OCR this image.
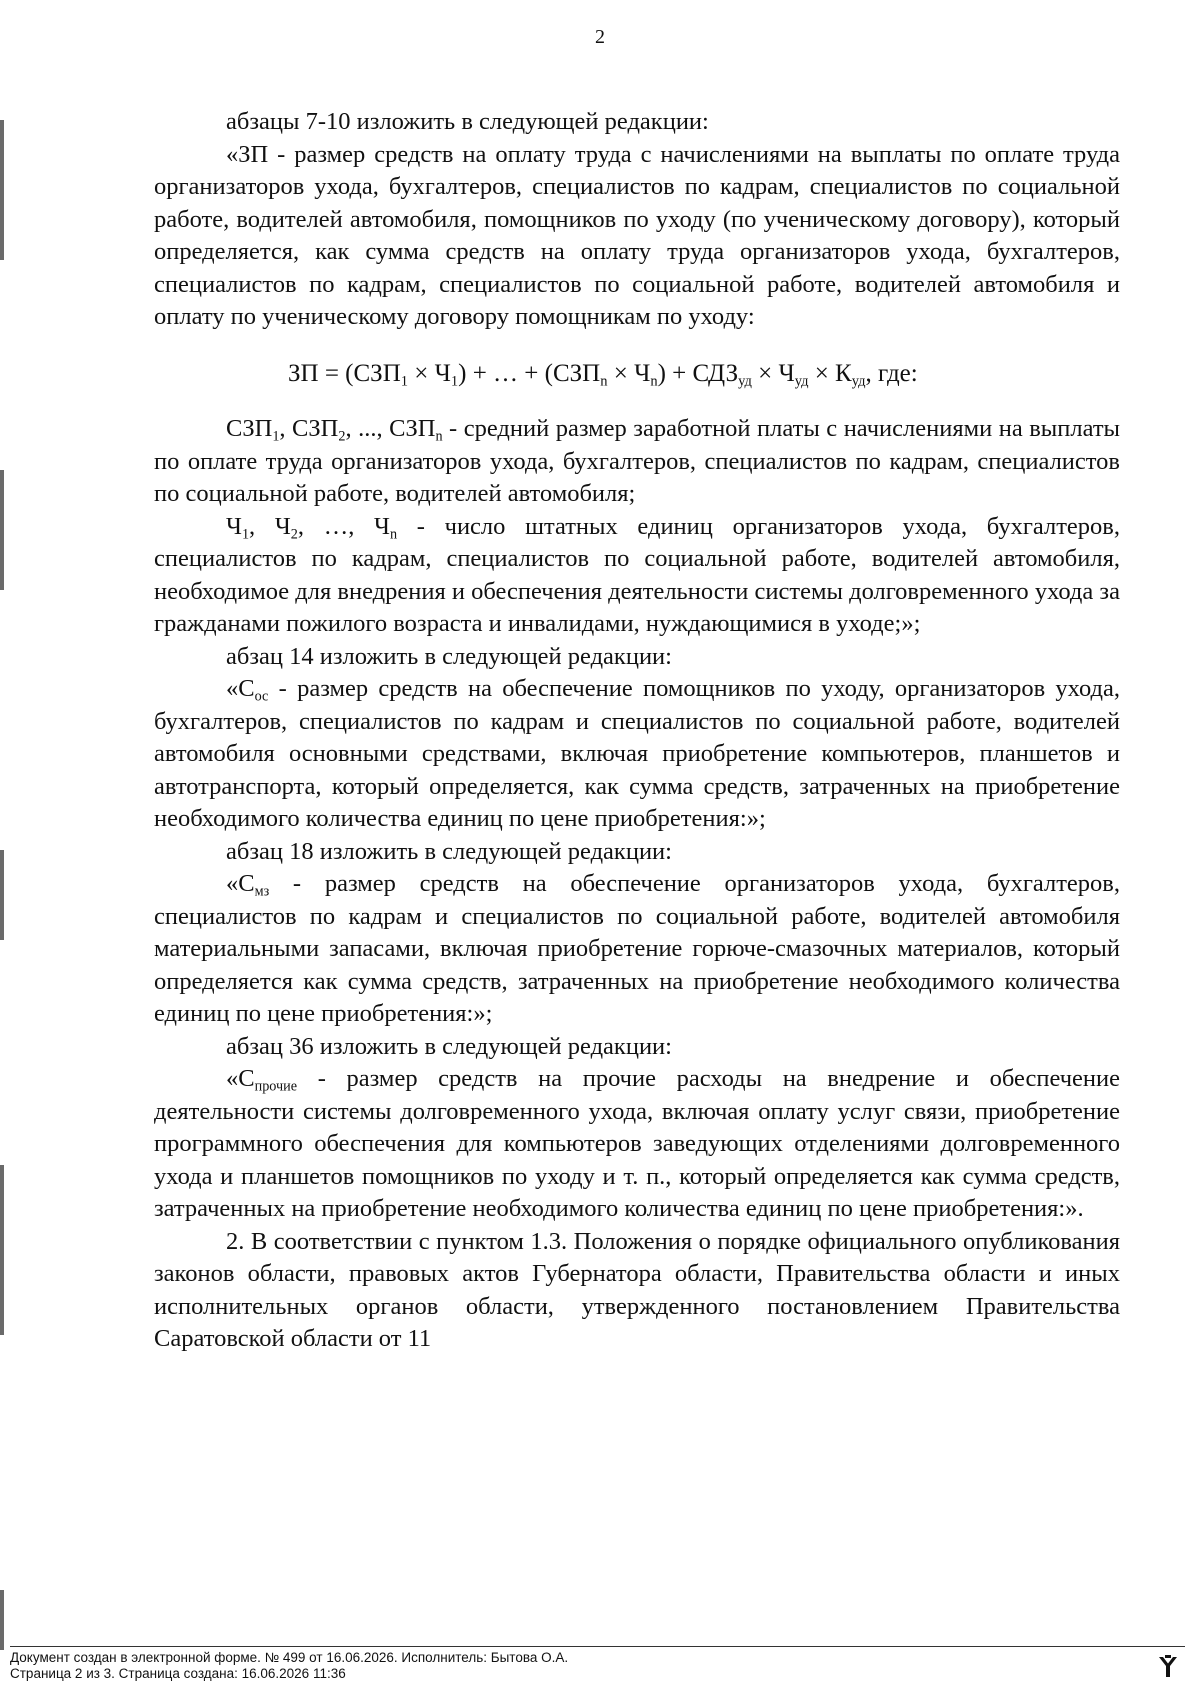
2

абзацы 7-10 изложить в следующей редакции:

«ЗП - размер средств на оплату труда с начислениями на выплаты по оплате труда организаторов ухода, бухгалтеров, специалистов по кадрам, специалистов по социальной работе, водителей автомобиля, помощников по уходу (по ученическому договору), который определяется, как сумма средств на оплату труда организаторов ухода, бухгалтеров, специалистов по кадрам, специалистов по социальной работе, водителей автомобиля и оплату по ученическому договору помощникам по уходу:

ЗП = $(СЗП_1 \times Ч_1)$ + … + $(СЗП_n \times Ч_n) + СДЗ_{уд} \times Ч_{уд} \times К_{уд}$, где:

$СЗП_1$, $СЗП_2$, ..., $СЗП_n$ - средний размер заработной платы с начислениями на выплаты по оплате труда организаторов ухода, бухгалтеров, специалистов по кадрам, специалистов по социальной работе, водителей автомобиля;

$Ч_1$, $Ч_2$, …, $Ч_n$ - число штатных единиц организаторов ухода, бухгалтеров, специалистов по кадрам, специалистов по социальной работе, водителей автомобиля, необходимое для внедрения и обеспечения деятельности системы долговременного ухода за гражданами пожилого возраста и инвалидами, нуждающимися в уходе;»;

абзац 14 изложить в следующей редакции:

«$С_{ос}$ - размер средств на обеспечение помощников по уходу, организаторов ухода, бухгалтеров, специалистов по кадрам и специалистов по социальной работе, водителей автомобиля основными средствами, включая приобретение компьютеров, планшетов и автотранспорта, который определяется, как сумма средств, затраченных на приобретение необходимого количества единиц по цене приобретения:»;

абзац 18 изложить в следующей редакции:

«$С_{мз}$ - размер средств на обеспечение организаторов ухода, бухгалтеров, специалистов по кадрам и специалистов по социальной работе, водителей автомобиля материальными запасами, включая приобретение горюче-смазочных материалов, который определяется как сумма средств, затраченных на приобретение необходимого количества единиц по цене приобретения:»;

абзац 36 изложить в следующей редакции:

«$С_{прочие}$ - размер средств на прочие расходы на внедрение и обеспечение деятельности системы долговременного ухода, включая оплату услуг связи, приобретение программного обеспечения для компьютеров заведующих отделениями долговременного ухода и планшетов помощников по уходу и т. п., который определяется как сумма средств, затраченных на приобретение необходимого количества единиц по цене приобретения:».

2. В соответствии с пунктом 1.3. Положения о порядке официального опубликования законов области, правовых актов Губернатора области, Правительства области и иных исполнительных органов области, утвержденного постановлением Правительства Саратовской области от 11

Документ создан в электронной форме. № 499 от 16.06.2026. Исполнитель: Бытова О.А.
Страница 2 из 3. Страница создана: 16.06.2026 11:36
